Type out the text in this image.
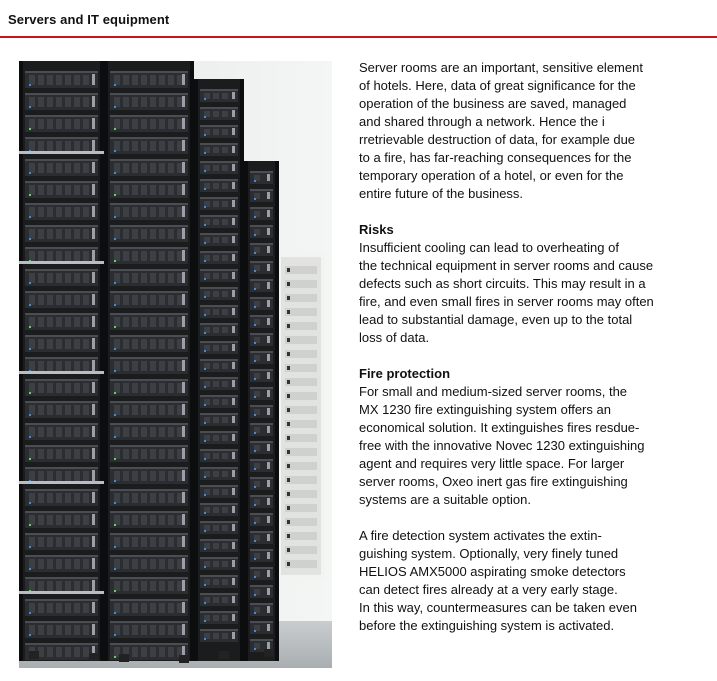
Servers and IT equipment

Server rooms are an important, sensitive element
of hotels. Here, data of great significance for the
operation of the business are saved, managed
and shared through a network. Hence the i
rretrievable destruction of data, for example due
to a fire, has far-reaching consequences for the
temporary operation of a hotel, or even for the
entire future of the business.

Risks

Insufficient cooling can lead to overheating of
the technical equipment in server rooms and cause
defects such as short circuits. This may result in a
fire, and even small fires in server rooms may often
lead to substantial damage, even up to the total
loss of data.

Fire protection

For small and medium-sized server rooms, the
MX 1230 fire extinguishing system offers an
economical solution. It extinguishes fires resdue-
free with the innovative Novec 1230 extinguishing
agent and requires very little space. For larger
server rooms, Oxeo inert gas fire extinguishing
systems are a suitable option.

A fire detection system activates the extin-
guishing system. Optionally, very finely tuned
HELIOS AMX5000 aspirating smoke detectors
can detect fires already at a very early stage.
In this way, countermeasures can be taken even
before the extinguishing system is activated.
